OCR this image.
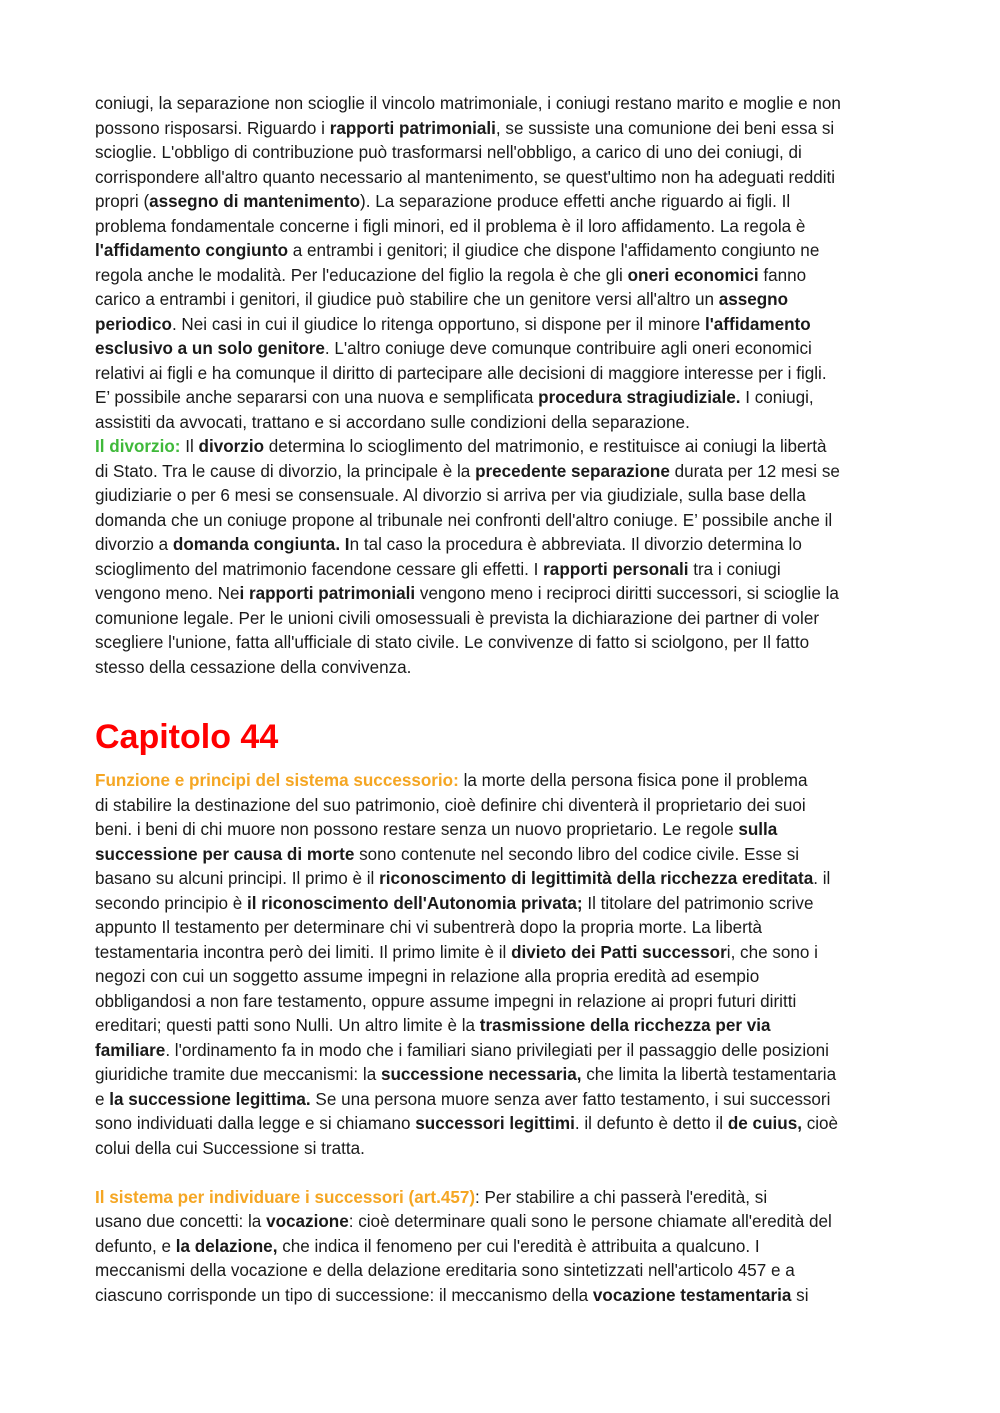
coniugi, la separazione non scioglie il vincolo matrimoniale, i coniugi restano marito e moglie e non
possono risposarsi. Riguardo i rapporti patrimoniali, se sussiste una comunione dei beni essa si
scioglie. L'obbligo di contribuzione può trasformarsi nell'obbligo, a carico di uno dei coniugi, di
corrispondere all'altro quanto necessario al mantenimento, se quest'ultimo non ha adeguati redditi
propri (assegno di mantenimento). La separazione produce effetti anche riguardo ai figli. Il
problema fondamentale concerne i figli minori, ed il problema è il loro affidamento. La regola è
l'affidamento congiunto a entrambi i genitori; il giudice che dispone l'affidamento congiunto ne
regola anche le modalità. Per l'educazione del figlio la regola è che gli oneri economici fanno
carico a entrambi i genitori, il giudice può stabilire che un genitore versi all'altro un assegno
periodico. Nei casi in cui il giudice lo ritenga opportuno, si dispone per il minore l'affidamento
esclusivo a un solo genitore. L'altro coniuge deve comunque contribuire agli oneri economici
relativi ai figli e ha comunque il diritto di partecipare alle decisioni di maggiore interesse per i figli.
E’ possibile anche separarsi con una nuova e semplificata procedura stragiudiziale. I coniugi,
assistiti da avvocati, trattano e si accordano sulle condizioni della separazione.
Il divorzio: Il divorzio determina lo scioglimento del matrimonio, e restituisce ai coniugi la libertà
di Stato. Tra le cause di divorzio, la principale è la precedente separazione durata per 12 mesi se
giudiziarie o per 6 mesi se consensuale. Al divorzio si arriva per via giudiziale, sulla base della
domanda che un coniuge propone al tribunale nei confronti dell'altro coniuge. E’ possibile anche il
divorzio a domanda congiunta. In tal caso la procedura è abbreviata. Il divorzio determina lo
scioglimento del matrimonio facendone cessare gli effetti. I rapporti personali tra i coniugi
vengono meno. Nei rapporti patrimoniali vengono meno i reciproci diritti successori, si scioglie la
comunione legale. Per le unioni civili omosessuali è prevista la dichiarazione dei partner di voler
scegliere l'unione, fatta all'ufficiale di stato civile. Le convivenze di fatto si sciolgono, per Il fatto
stesso della cessazione della convivenza.
Capitolo 44
Funzione e principi del sistema successorio: la morte della persona fisica pone il problema
di stabilire la destinazione del suo patrimonio, cioè definire chi diventerà il proprietario dei suoi
beni. i beni di chi muore non possono restare senza un nuovo proprietario. Le regole sulla
successione per causa di morte sono contenute nel secondo libro del codice civile. Esse si
basano su alcuni principi. Il primo è il riconoscimento di legittimità della ricchezza ereditata. il
secondo principio è il riconoscimento dell'Autonomia privata; Il titolare del patrimonio scrive
appunto Il testamento per determinare chi vi subentrerà dopo la propria morte. La libertà
testamentaria incontra però dei limiti. Il primo limite è il divieto dei Patti successori, che sono i
negozi con cui un soggetto assume impegni in relazione alla propria eredità ad esempio
obbligandosi a non fare testamento, oppure assume impegni in relazione ai propri futuri diritti
ereditari; questi patti sono Nulli. Un altro limite è la trasmissione della ricchezza per via
familiare. l'ordinamento fa in modo che i familiari siano privilegiati per il passaggio delle posizioni
giuridiche tramite due meccanismi: la successione necessaria, che limita la libertà testamentaria
e la successione legittima. Se una persona muore senza aver fatto testamento, i sui successori
sono individuati dalla legge e si chiamano successori legittimi. il defunto è detto il de cuius, cioè
colui della cui Successione si tratta.
Il sistema per individuare i successori (art.457): Per stabilire a chi passerà l'eredità, si
usano due concetti: la vocazione: cioè determinare quali sono le persone chiamate all'eredità del
defunto, e la delazione, che indica il fenomeno per cui l'eredità è attribuita a qualcuno. I
meccanismi della vocazione e della delazione ereditaria sono sintetizzati nell'articolo 457 e a
ciascuno corrisponde un tipo di successione: il meccanismo della vocazione testamentaria si
